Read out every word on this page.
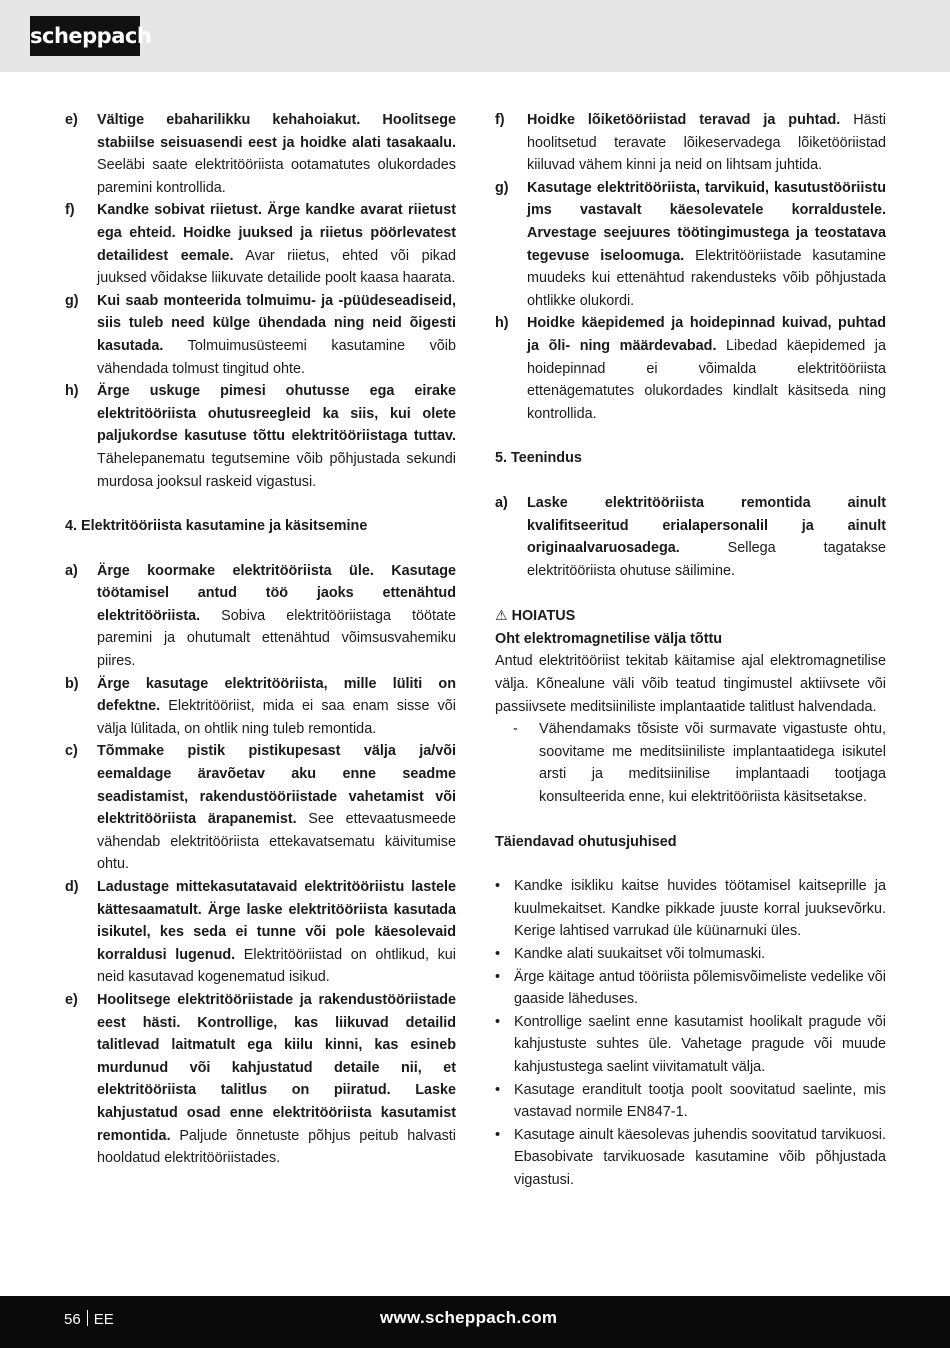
scheppach
e)	Vältige ebaharilikku kehahoiakut. Hoolitsege stabiilse seisuasendi eest ja hoidke alati tasakaalu. Seeläbi saate elektritööriista ootamatutes olukordades paremini kontrollida.
f)	Kandke sobivat riietust. Ärge kandke avarat riietust ega ehteid. Hoidke juuksed ja riietus pöörlevatest detailidest eemale. Avar riietus, ehted või pikad juuksed võidakse liikuvate detailide poolt kaasa haarata.
g)	Kui saab monteerida tolmuimu- ja -püüdeseadiseid, siis tuleb need külge ühendada ning neid õigesti kasutada. Tolmuimusüsteemi kasutamine võib vähendada tolmust tingitud ohte.
h)	Ärge uskuge pimesi ohutusse ega eirake elektritööriista ohutusreegleid ka siis, kui olete paljukordse kasutuse tõttu elektritööriistaga tuttav. Tähelepanematu tegutsemine võib põhjustada sekundi murdosa jooksul raskeid vigastusi.
4. Elektritööriista kasutamine ja käsitsemine
a)	Ärge koormake elektritööriista üle. Kasutage töötamisel antud töö jaoks ettenähtud elektritööriista. Sobiva elektritööriistaga töötate paremini ja ohutumalt ettenähtud võimsusvahemiku piires.
b)	Ärge kasutage elektritööriista, mille lüliti on defektne. Elektritööriist, mida ei saa enam sisse või välja lülitada, on ohtlik ning tuleb remontida.
c)	Tõmmake pistik pistikupesast välja ja/või eemaldage äravõetav aku enne seadme seadistamist, rakendustööriistade vahetamist või elektritööriista ärapanemist. See ettevaatusmeede vähendab elektritööriista ettekavatsematu käivitumise ohtu.
d)	Ladustage mittekasutatavaid elektritööriistu lastele kättesaamatult. Ärge laske elektritööriista kasutada isikutel, kes seda ei tunne või pole käesolevaid korraldusi lugenud. Elektritööriistad on ohtlikud, kui neid kasutavad kogenematud isikud.
e)	Hoolitsege elektritööriistade ja rakendustööriistade eest hästi. Kontrollige, kas liikuvad detailid talitlevad laitmatult ega kiilu kinni, kas esineb murdunud või kahjustatud detaile nii, et elektritööriista talitlus on piiratud. Laske kahjustatud osad enne elektritööriista kasutamist remontida. Paljude õnnetuste põhjus peitub halvasti hooldatud elektritööriistades.
f)	Hoidke lõiketööriistad teravad ja puhtad. Hästi hoolitsetud teravate lõikeservadega lõiketööriistad kiiluvad vähem kinni ja neid on lihtsam juhtida.
g)	Kasutage elektritööriista, tarvikuid, kasutustööriistu jms vastavalt käesolevatele korraldustele. Arvestage seejuures töötingimustega ja teostatava tegevuse iseloomuga. Elektritööriistade kasutamine muudeks kui ettenähtud rakendusteks võib põhjustada ohtlikke olukordi.
h)	Hoidke käepidemed ja hoidepinnad kuivad, puhtad ja õli- ning määrdevabad. Libedad käepidemed ja hoidepinnad ei võimalda elektritööriista ettenägematutes olukordades kindlalt käsitseda ning kontrollida.
5. Teenindus
a)	Laske elektritööriista remontida ainult kvalifitseeritud erialapersonalil ja ainult originaalvaruosadega. Sellega tagatakse elektritööriista ohutuse säilimine.
⚠ HOIATUS
Oht elektromagnetilise välja tõttu
Antud elektritööriist tekitab käitamise ajal elektromagnetilise välja. Kõnealune väli võib teatud tingimustel aktiivsete või passiivsete meditsiiniliste implantaatide talitlust halvendada.
-	Vähendamaks tõsiste või surmavate vigastuste ohtu, soovitame me meditsiiniliste implantaatidega isikutel arsti ja meditsiinilise implantaadi tootjaga konsulteerida enne, kui elektritööriista käsitsetakse.
Täiendavad ohutusjuhised
• Kandke isikliku kaitse huvides töötamisel kaitseprille ja kuulmekaitset. Kandke pikkade juuste korral juuksevõrku. Kerige lahtised varrukad üle küünarnuki üles.
• Kandke alati suukaitset või tolmumaski.
• Ärge käitage antud tööriista põlemisvõimeliste vedelike või gaaside läheduses.
• Kontrollige saelint enne kasutamist hoolikalt pragude või kahjustuste suhtes üle. Vahetage pragude või muude kahjustustega saelint viivitamatult välja.
• Kasutage eranditult tootja poolt soovitatud saelinte, mis vastavad normile EN847-1.
• Kasutage ainult käesolevas juhendis soovitatud tarvikuosi. Ebasobivate tarvikuosade kasutamine võib põhjustada vigastusi.
56 EE	www.scheppach.com
